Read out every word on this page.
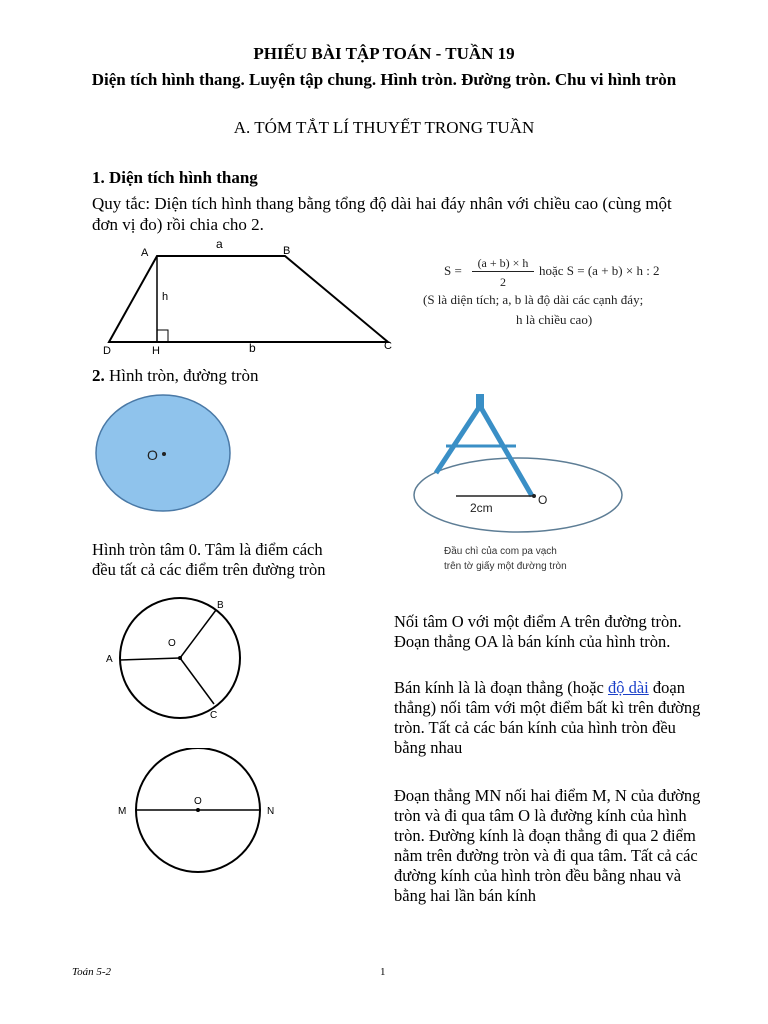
PHIẾU BÀI TẬP TOÁN - TUẦN 19
Diện tích hình thang. Luyện tập chung. Hình tròn. Đường tròn. Chu vi hình tròn
A. TÓM TẮT LÍ THUYẾT TRONG TUẦN
1. Diện tích hình thang
Quy tắc: Diện tích hình thang bằng tổng độ dài hai đáy nhân với chiều cao (cùng một đơn vị đo) rồi chia cho 2.
A	B
C
D	H
a
b
h
S =	(a + b) × h
2
hoặc S = (a + b) × h : 2
(S là diện tích; a, b là độ dài các cạnh đáy;
h là chiều cao)
2. Hình tròn, đường tròn
O
2cm
O
Đầu chì của com pa vạch
trên tờ giấy một đường tròn
Hình tròn tâm 0. Tâm là điểm cách
đều tất cả các điểm trên đường tròn
O
A
B
C
Nối tâm O với một điểm A trên đường tròn. Đoạn thẳng OA là bán kính của hình tròn.
Bán kính là là đoạn thẳng (hoặc độ dài đoạn thẳng) nối tâm với một điểm bất kì trên đường tròn. Tất cả các bán kính của hình tròn đều bằng nhau
O
M	N
Đoạn thẳng MN nối hai điểm M, N của đường tròn và đi qua tâm O là đường kính của hình tròn. Đường kính là đoạn thẳng đi qua 2 điểm nằm trên đường tròn và đi qua tâm. Tất cả các đường kính của hình tròn đều bằng nhau và bằng hai lần bán kính
Toán 5-2	1
